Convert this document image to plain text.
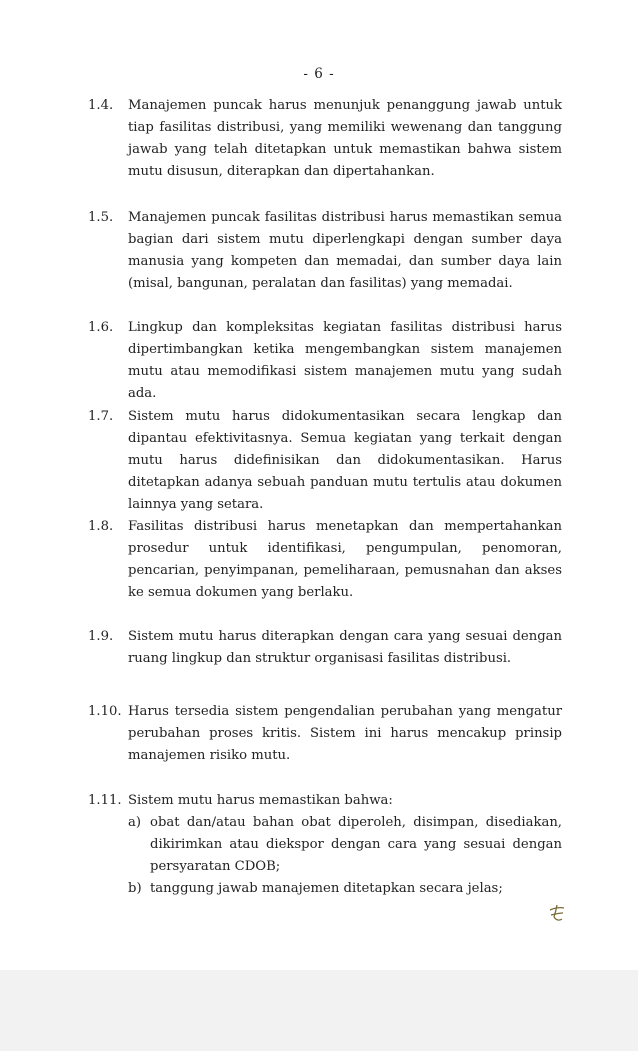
- 6 -
1.4.	Manajemen puncak harus menunjuk penanggung jawab untuk tiap fasilitas distribusi, yang memiliki wewenang dan tanggung jawab yang telah ditetapkan untuk memastikan bahwa sistem mutu disusun, diterapkan dan dipertahankan.
1.5.	Manajemen puncak fasilitas distribusi harus memastikan semua bagian dari sistem mutu diperlengkapi dengan sumber daya manusia yang kompeten dan memadai, dan sumber daya lain (misal, bangunan, peralatan dan fasilitas) yang memadai.
1.6.	Lingkup dan kompleksitas kegiatan fasilitas distribusi harus dipertimbangkan ketika mengembangkan sistem manajemen mutu atau memodifikasi sistem manajemen mutu yang sudah ada.
1.7.	Sistem mutu harus didokumentasikan secara lengkap dan dipantau efektivitasnya. Semua kegiatan yang terkait dengan mutu harus didefinisikan dan didokumentasikan. Harus ditetapkan adanya sebuah panduan mutu tertulis atau dokumen lainnya yang setara.
1.8.	Fasilitas distribusi harus menetapkan dan mempertahankan prosedur untuk identifikasi, pengumpulan, penomoran, pencarian, penyimpanan, pemeliharaan, pemusnahan dan akses ke semua dokumen yang berlaku.
1.9.	Sistem mutu harus diterapkan dengan cara yang sesuai dengan ruang lingkup dan struktur organisasi fasilitas distribusi.
1.10. Harus tersedia sistem pengendalian perubahan yang mengatur perubahan proses kritis. Sistem ini harus mencakup prinsip manajemen risiko mutu.
1.11. Sistem mutu harus memastikan bahwa:
a) obat dan/atau bahan obat diperoleh, disimpan, disediakan, dikirimkan atau diekspor dengan cara yang sesuai dengan persyaratan CDOB;
b) tanggung jawab manajemen ditetapkan secara jelas;
